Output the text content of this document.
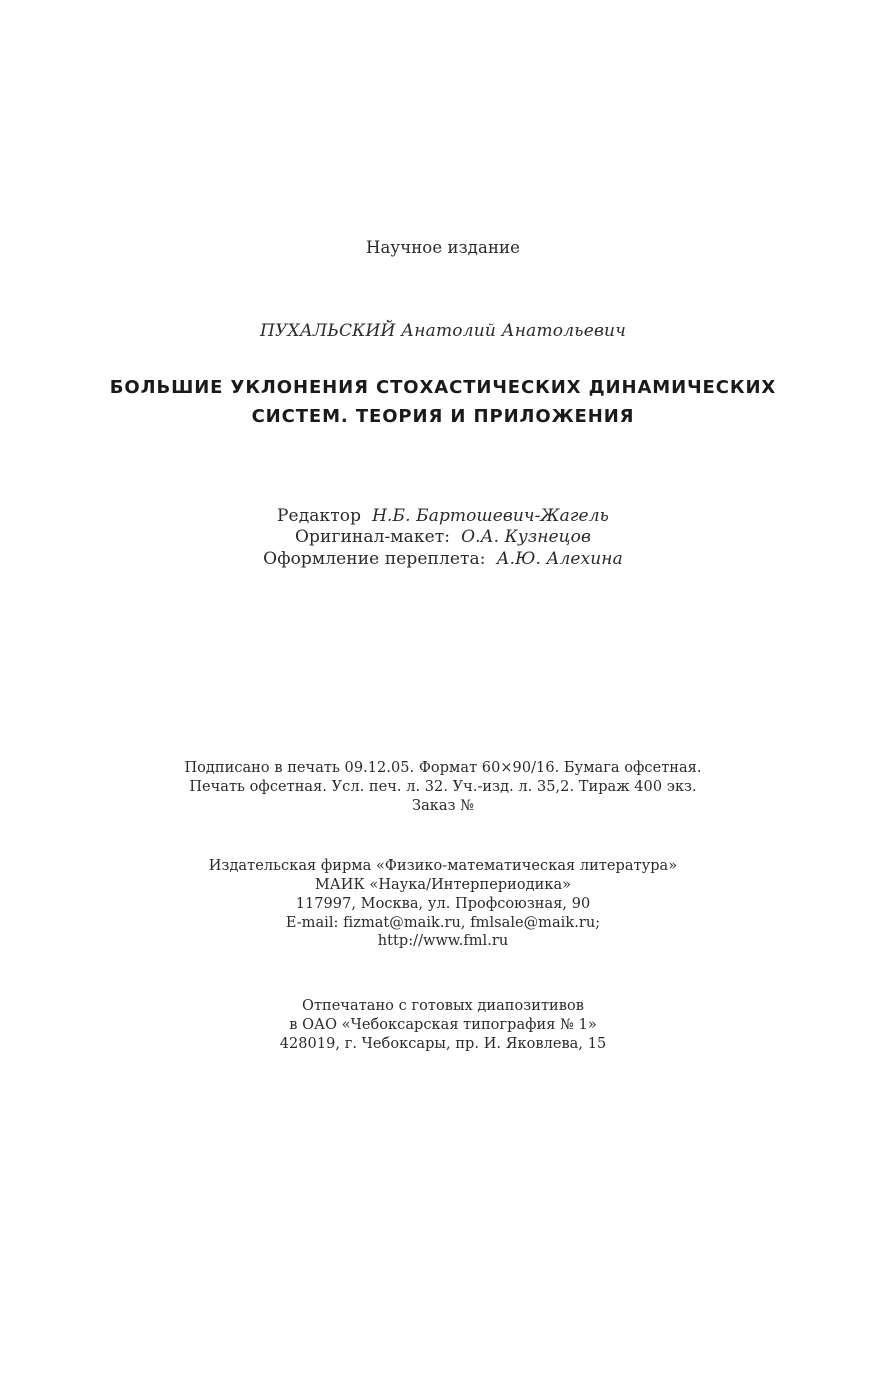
Научное издание
ПУХАЛЬСКИЙ Анатолий Анатольевич
БОЛЬШИЕ УКЛОНЕНИЯ СТОХАСТИЧЕСКИХ ДИНАМИЧЕСКИХ
СИСТЕМ. ТЕОРИЯ И ПРИЛОЖЕНИЯ
Редактор Н.Б. Бартошевич-Жагель
Оригинал-макет: О.А. Кузнецов
Оформление переплета: А.Ю. Алехина
Подписано в печать 09.12.05. Формат 60×90/16. Бумага офсетная.
Печать офсетная. Усл. печ. л. 32. Уч.-изд. л. 35,2. Тираж 400 экз.
Заказ №
Издательская фирма «Физико-математическая литература»
МАИК «Наука/Интерпериодика»
117997, Москва, ул. Профсоюзная, 90
E-mail: fizmat@maik.ru, fmlsale@maik.ru;
http://www.fml.ru
Отпечатано с готовых диапозитивов
в ОАО «Чебоксарская типография № 1»
428019, г. Чебоксары, пр. И. Яковлева, 15
